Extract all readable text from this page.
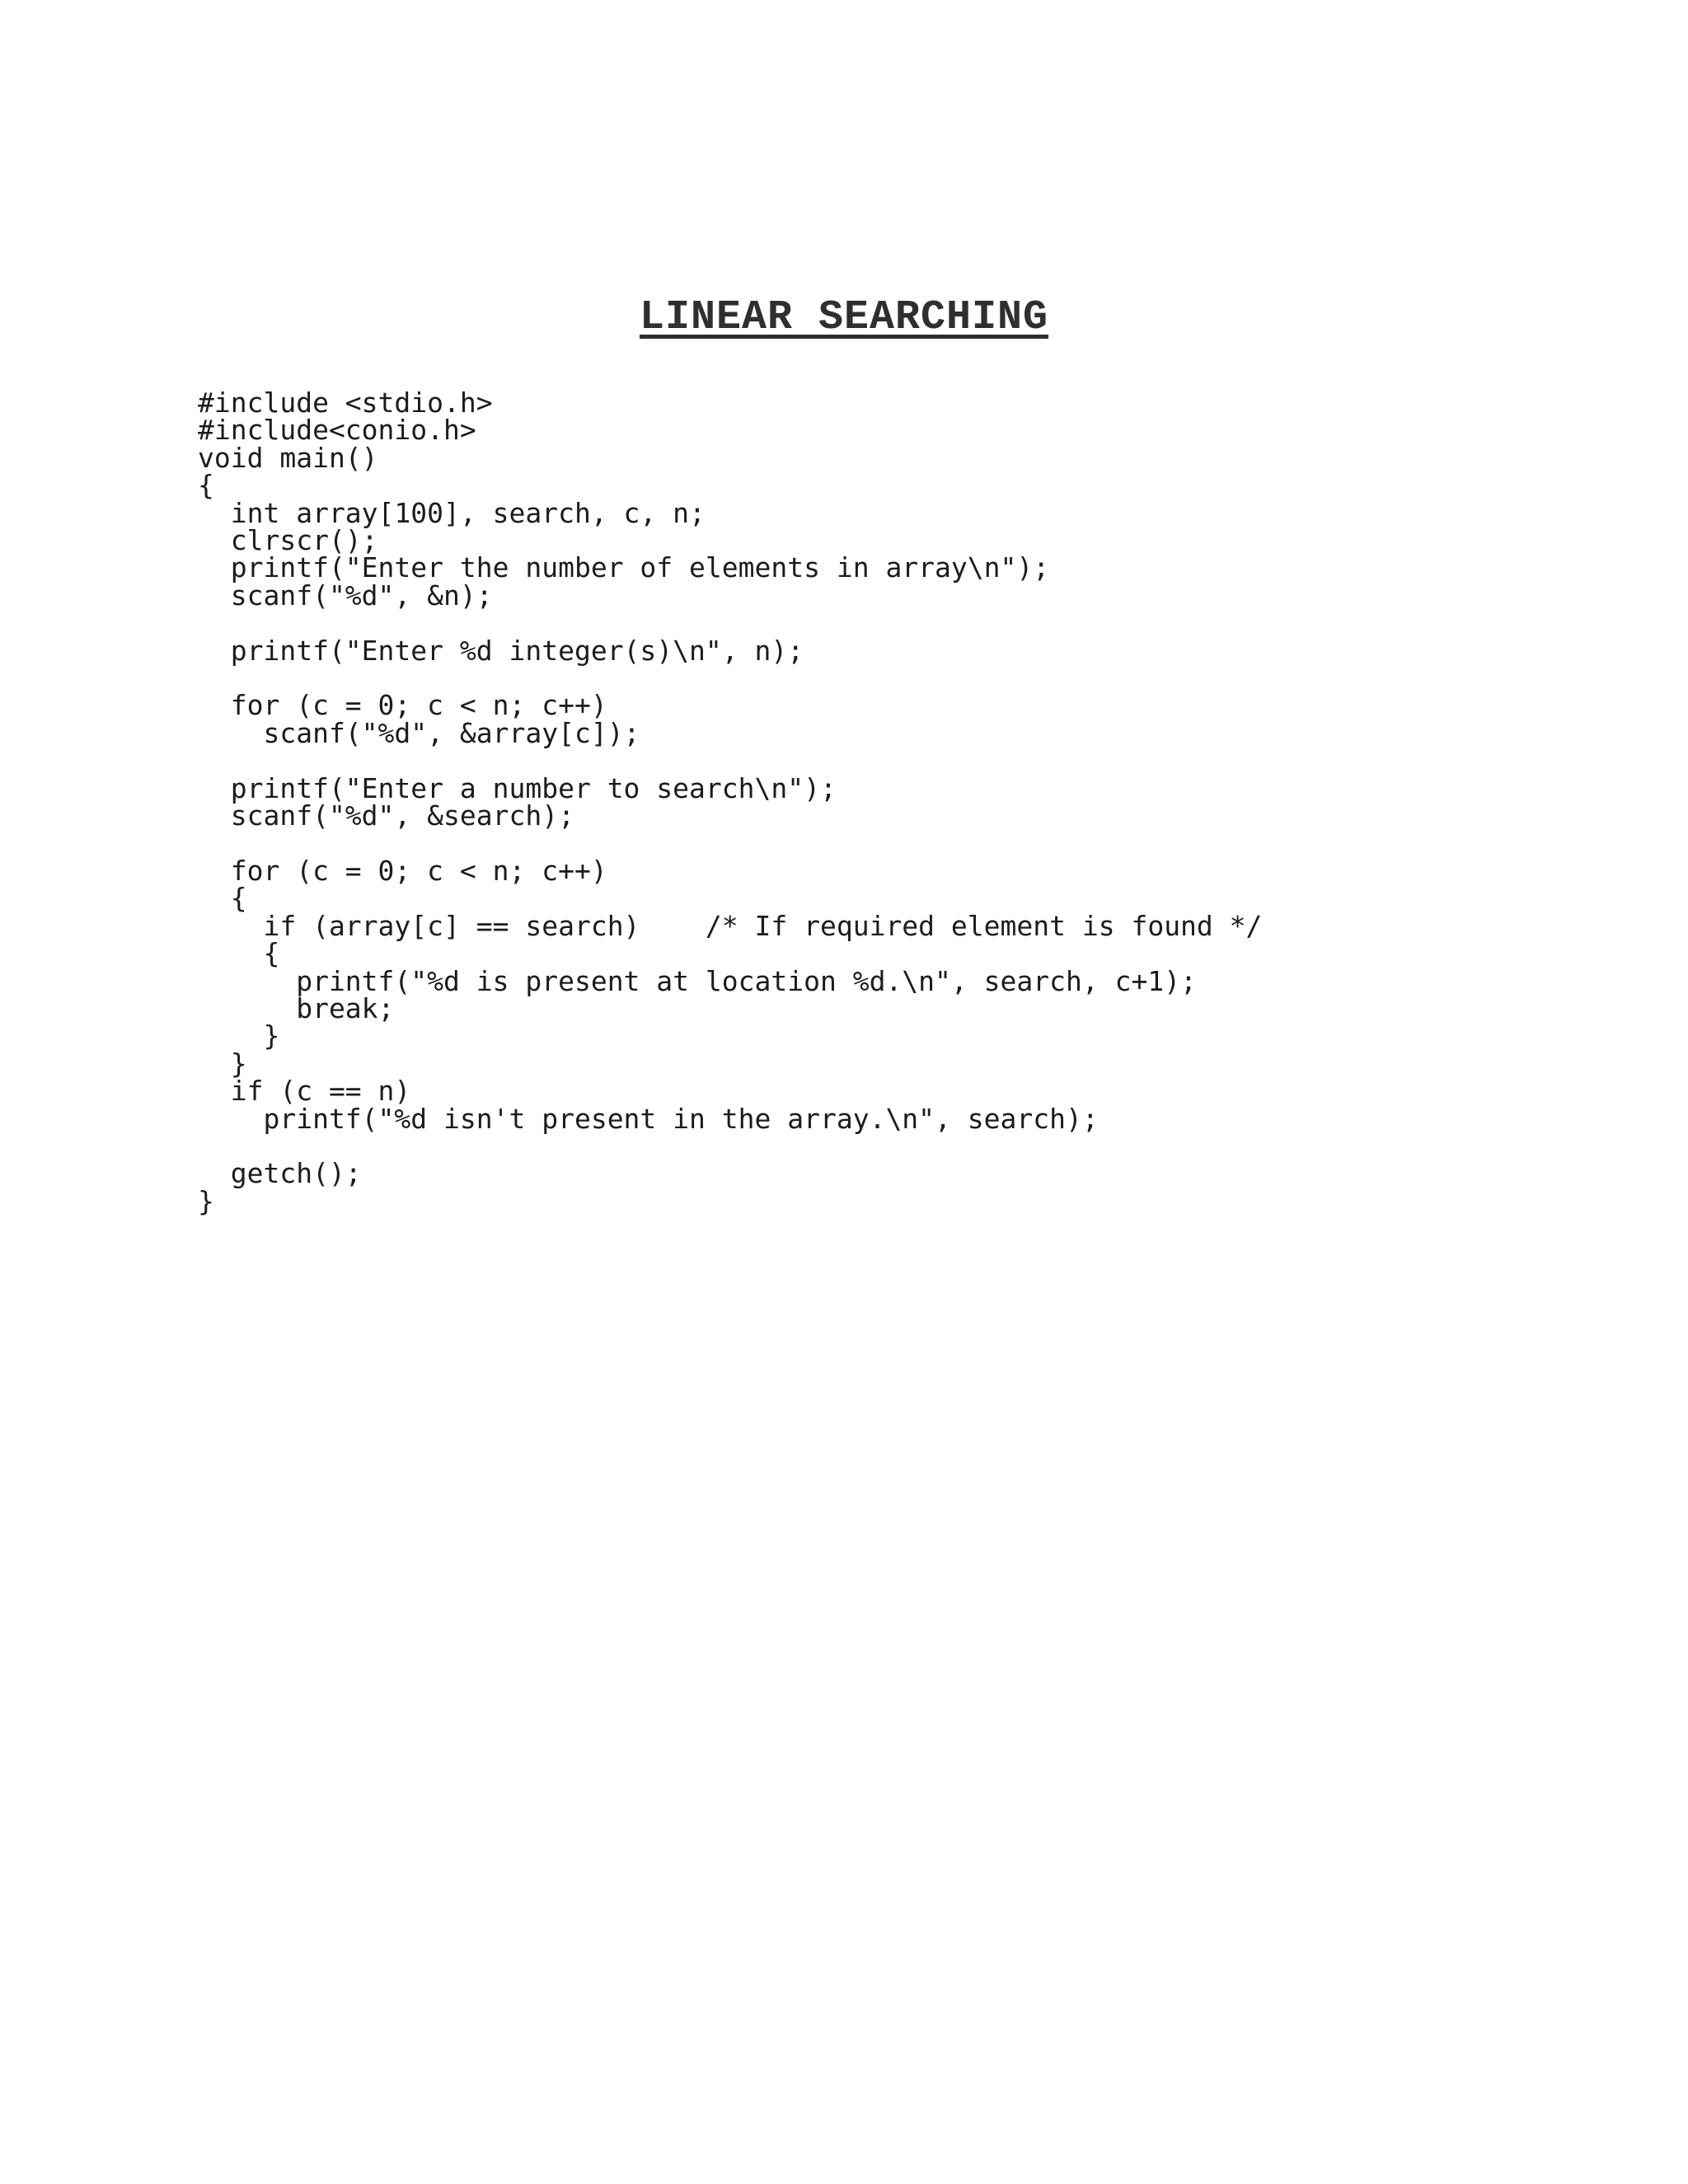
LINEAR SEARCHING
#include <stdio.h>
#include<conio.h>
void main()
{
int array[100], search, c, n;
clrscr();
printf("Enter the number of elements in array\n");
scanf("%d", &n);

printf("Enter %d integer(s)\n", n);

for (c = 0; c < n; c++)
scanf("%d", &array[c]);

printf("Enter a number to search\n");
scanf("%d", &search);

for (c = 0; c < n; c++)
{
if (array[c] == search)    /* If required element is found */
{
printf("%d is present at location %d.\n", search, c+1);
break;
}
}
if (c == n)
printf("%d isn't present in the array.\n", search);

getch();
}
